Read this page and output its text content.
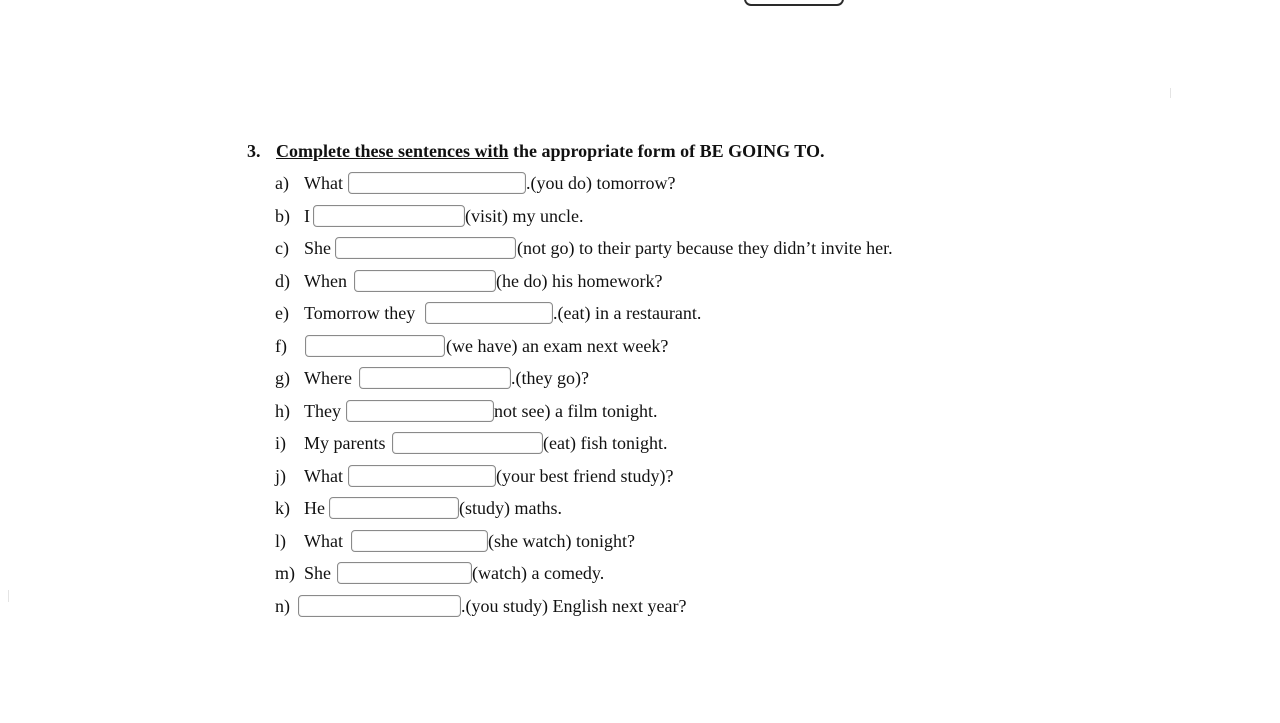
3. Complete these sentences with the appropriate form of BE GOING TO.
a) What	.(you do) tomorrow?
b) I	(visit) my uncle.
c) She	(not go) to their party because they didn’t invite her.
d) When	(he do) his homework?
e) Tomorrow they	.(eat) in a restaurant.
f)	(we have) an exam next week?
g) Where	.(they go)?
h) They	not see) a film tonight.
i) My parents	(eat) fish tonight.
j) What	(your best friend study)?
k) He	(study) maths.
l) What	(she watch) tonight?
m) She	(watch) a comedy.
n)	.(you study) English next year?
